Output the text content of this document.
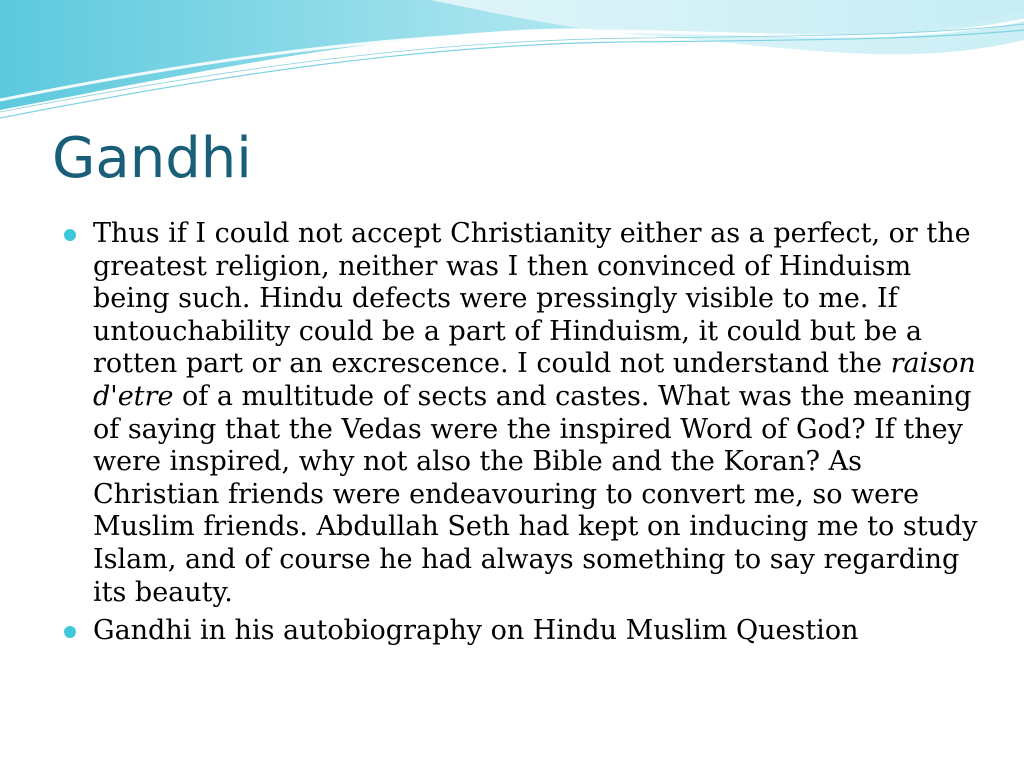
Gandhi
Thus if I could not accept Christianity either as a perfect, or the greatest religion, neither was I then convinced of Hinduism being such. Hindu defects were pressingly visible to me. If untouchability could be a part of Hinduism, it could but be a rotten part or an excrescence. I could not understand the raison d'etre of a multitude of sects and castes. What was the meaning of saying that the Vedas were the inspired Word of God? If they were inspired, why not also the Bible and the Koran? As Christian friends were endeavouring to convert me, so were Muslim friends. Abdullah Seth had kept on inducing me to study Islam, and of course he had always something to say regarding its beauty.
Gandhi in his autobiography on Hindu Muslim Question
